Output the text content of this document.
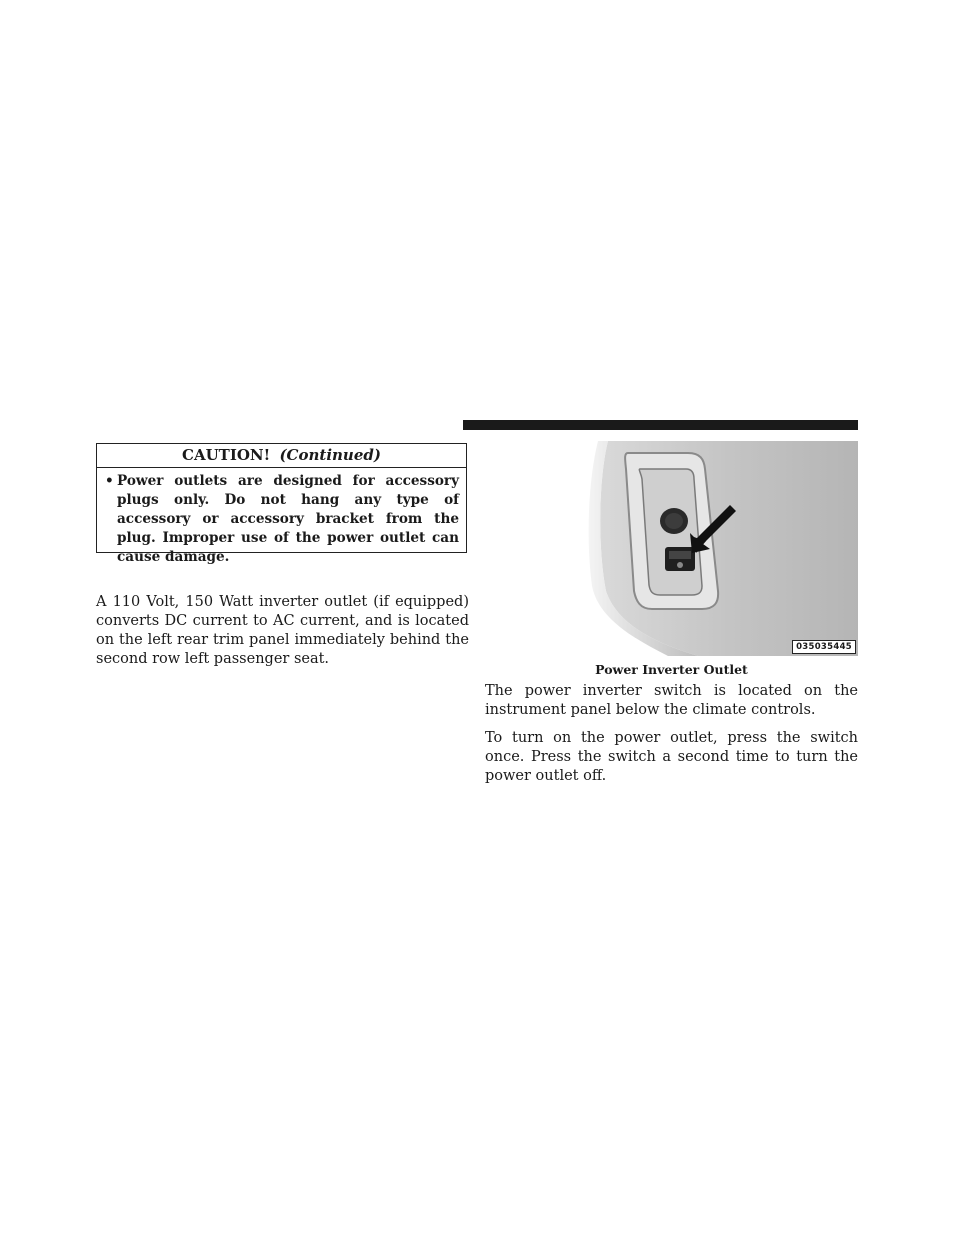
CAUTION! (Continued)
• Power outlets are designed for accessory plugs only. Do not hang any type of accessory or accessory bracket from the plug. Improper use of the power outlet can cause damage.
A 110 Volt, 150 Watt inverter outlet (if equipped) converts DC current to AC current, and is located on the left rear trim panel immediately behind the second row left passenger seat.
035035445
Power Inverter Outlet
The power inverter switch is located on the instrument panel below the climate controls.
To turn on the power outlet, press the switch once. Press the switch a second time to turn the power outlet off.
